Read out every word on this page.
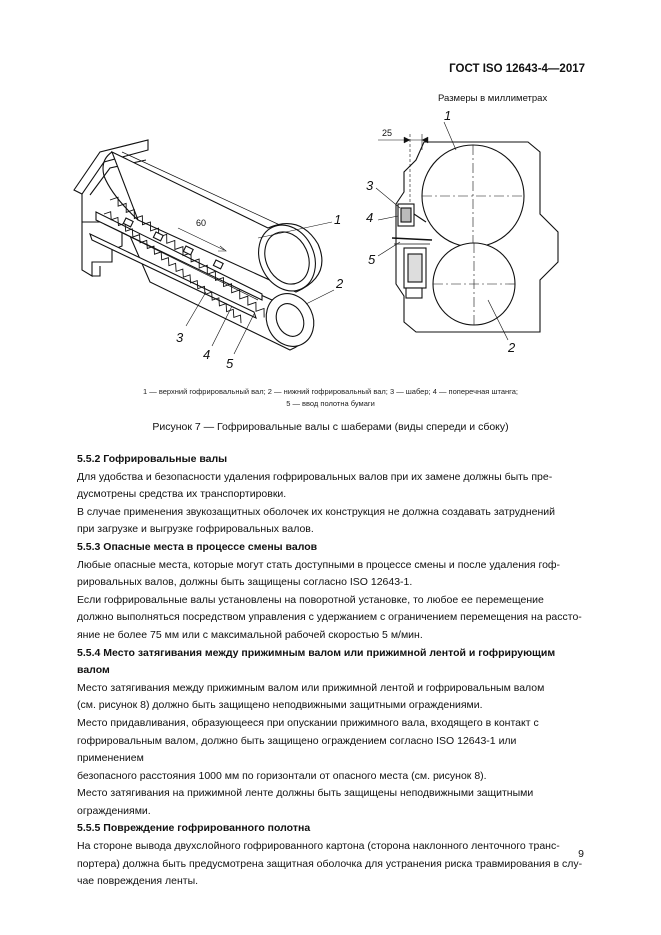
ГОСТ ISO 12643-4—2017
Размеры в миллиметрах
60	1
2
3
4
5
25
1
2
3
4
5
1 — верхний гофрировальный вал; 2 — нижний гофрировальный вал; 3 — шабер; 4 — поперечная штанга;
5 — ввод полотна бумаги
Рисунок 7 — Гофрировальные валы с шаберами (виды спереди и сбоку)
5.5.2 Гофрировальные валы
Для удобства и безопасности удаления гофрировальных валов при их замене должны быть пре-
дусмотрены средства их транспортировки.
В случае применения звукозащитных оболочек их конструкция не должна создавать затруднений
при загрузке и выгрузке гофрировальных валов.
5.5.3 Опасные места в процессе смены валов
Любые опасные места, которые могут стать доступными в процессе смены и после удаления гоф-
рировальных валов, должны быть защищены согласно ISO 12643-1.
Если гофрировальные валы установлены на поворотной установке, то любое ее перемещение
должно выполняться посредством управления с удержанием с ограничением перемещения на рассто-
яние не более 75 мм или с максимальной рабочей скоростью 5 м/мин.
5.5.4 Место затягивания между прижимным валом или прижимной лентой и гофрирующим
валом
Место затягивания между прижимным валом или прижимной лентой и гофрировальным валом
(см. рисунок 8) должно быть защищено неподвижными защитными ограждениями.
Место придавливания, образующееся при опускании прижимного вала, входящего в контакт с
гофрировальным валом, должно быть защищено ограждением согласно ISO 12643-1 или применением
безопасного расстояния 1000 мм по горизонтали от опасного места (см. рисунок 8).
Место затягивания на прижимной ленте должны быть защищены неподвижными защитными
ограждениями.
5.5.5 Повреждение гофрированного полотна
На стороне вывода двухслойного гофрированного картона (сторона наклонного ленточного транс-
портера) должна быть предусмотрена защитная оболочка для устранения риска травмирования в слу-
чае повреждения ленты.
9
